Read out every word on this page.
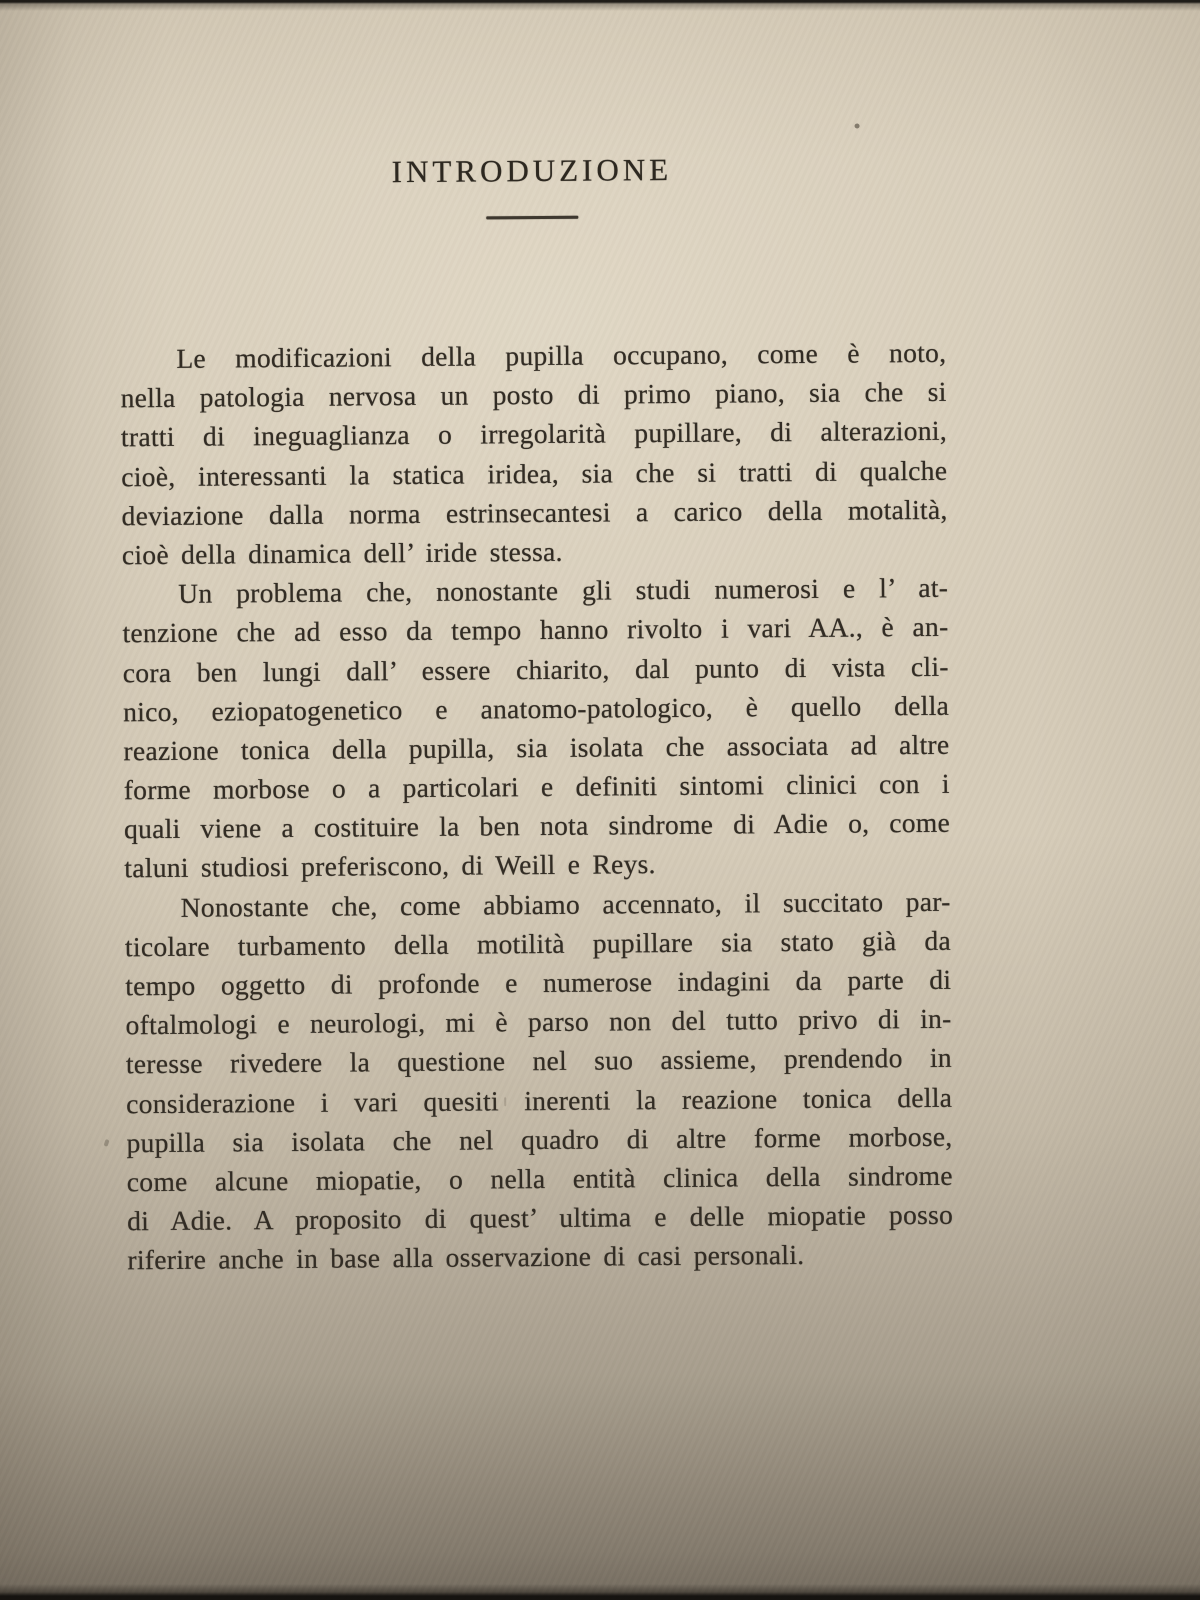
INTRODUZIONE
Le modificazioni della pupilla occupano, come è noto,
nella patologia nervosa un posto di primo piano, sia che si
tratti di ineguaglianza o irregolarità pupillare, di alterazioni,
cioè, interessanti la statica iridea, sia che si tratti di qualche
deviazione dalla norma estrinsecantesi a carico della motalità,
cioè della dinamica dell’ iride stessa.
Un problema che, nonostante gli studi numerosi e l’ at-
tenzione che ad esso da tempo hanno rivolto i vari AA., è an-
cora ben lungi dall’ essere chiarito, dal punto di vista cli-
nico, eziopatogenetico e anatomo-patologico, è quello della
reazione tonica della pupilla, sia isolata che associata ad altre
forme morbose o a particolari e definiti sintomi clinici con i
quali viene a costituire la ben nota sindrome di Adie o, come
taluni studiosi preferiscono, di Weill e Reys.
Nonostante che, come abbiamo accennato, il succitato par-
ticolare turbamento della motilità pupillare sia stato già da
tempo oggetto di profonde e numerose indagini da parte di
oftalmologi e neurologi, mi è parso non del tutto privo di in-
teresse rivedere la questione nel suo assieme, prendendo in
considerazione i vari quesiti inerenti la reazione tonica della
pupilla sia isolata che nel quadro di altre forme morbose,
come alcune miopatie, o nella entità clinica della sindrome
di Adie. A proposito di quest’ ultima e delle miopatie posso
riferire anche in base alla osservazione di casi personali.
